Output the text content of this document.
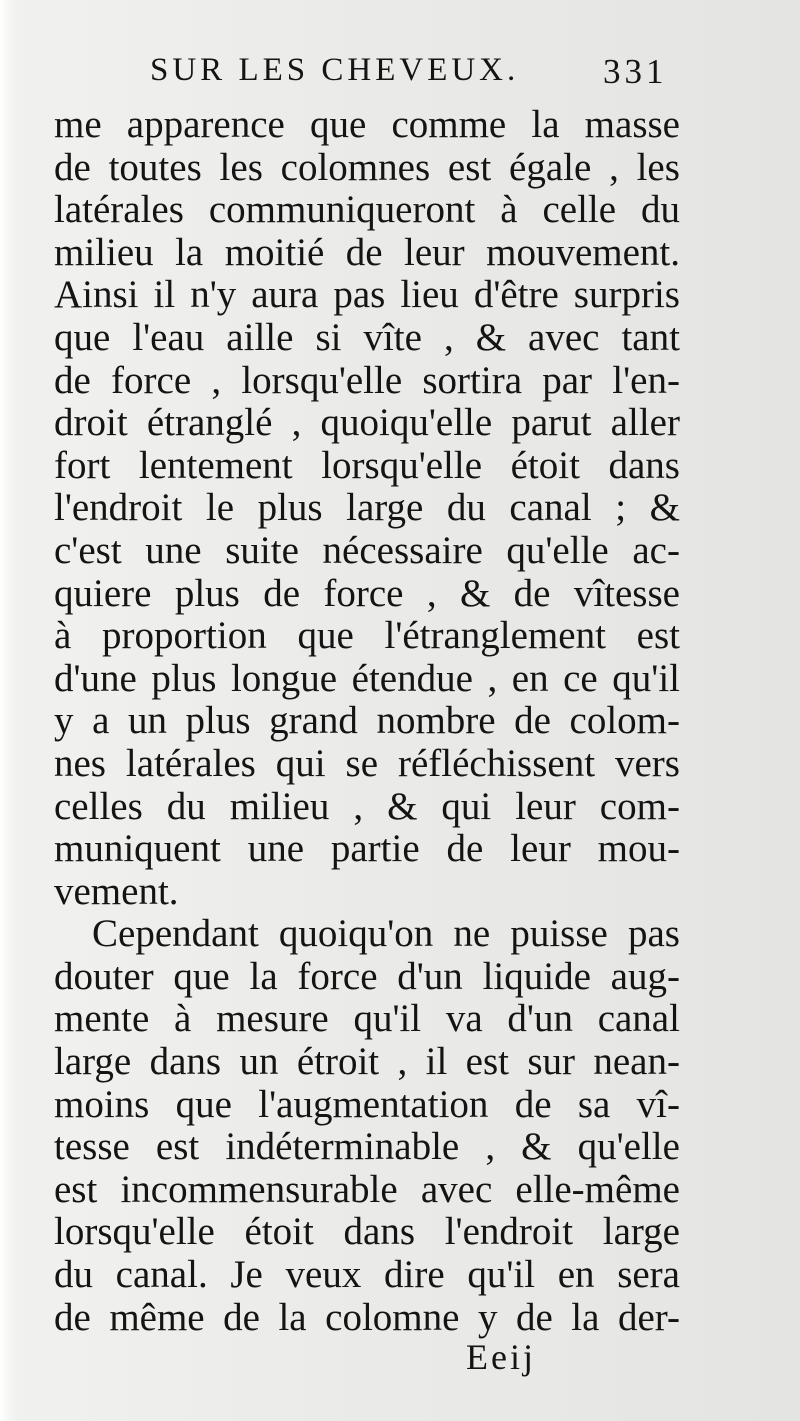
SUR LES CHEVEUX. 331
me apparence que comme la masse
de toutes les colomnes est égale , les
latérales communiqueront à celle du
milieu la moitié de leur mouvement.
Ainsi il n'y aura pas lieu d'être surpris
que l'eau aille si vîte , & avec tant
de force , lorsqu'elle sortira par l'en-
droit étranglé , quoiqu'elle parut aller
fort lentement lorsqu'elle étoit dans
l'endroit le plus large du canal ; &
c'est une suite nécessaire qu'elle ac-
quiere plus de force , & de vîtesse
à proportion que l'étranglement est
d'une plus longue étendue , en ce qu'il
y a un plus grand nombre de colom-
nes latérales qui se réfléchissent vers
celles du milieu , & qui leur com-
muniquent une partie de leur mou-
vement.
Cependant quoiqu'on ne puisse pas
douter que la force d'un liquide aug-
mente à mesure qu'il va d'un canal
large dans un étroit , il est sur nean-
moins que l'augmentation de sa vî-
tesse est indéterminable , & qu'elle
est incommensurable avec elle-même
lorsqu'elle étoit dans l'endroit large
du canal. Je veux dire qu'il en sera
de même de la colomne y de la der-
Eeij
